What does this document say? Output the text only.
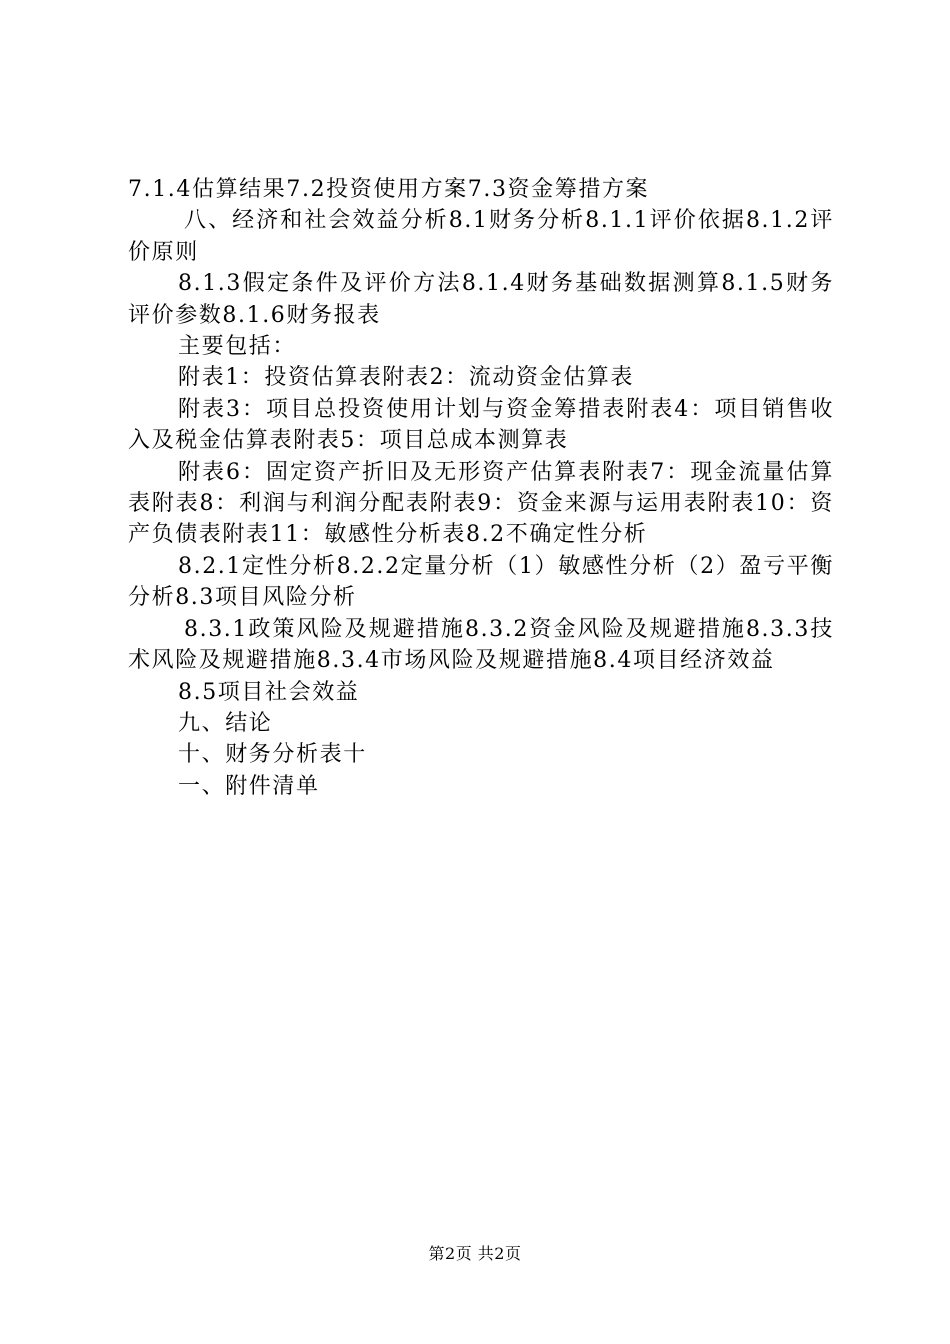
7.1.4估算结果7.2投资使用方案7.3资金筹措方案

八、经济和社会效益分析8.1财务分析8.1.1评价依据8.1.2评价原则

8.1.3假定条件及评价方法8.1.4财务基础数据测算8.1.5财务评价参数8.1.6财务报表

主要包括：

附表1：投资估算表附表2：流动资金估算表

附表3：项目总投资使用计划与资金筹措表附表4：项目销售收入及税金估算表附表5：项目总成本测算表

附表6：固定资产折旧及无形资产估算表附表7：现金流量估算表附表8：利润与利润分配表附表9：资金来源与运用表附表10：资产负债表附表11：敏感性分析表8.2不确定性分析

8.2.1定性分析8.2.2定量分析（1）敏感性分析（2）盈亏平衡分析8.3项目风险分析

8.3.1政策风险及规避措施8.3.2资金风险及规避措施8.3.3技术风险及规避措施8.3.4市场风险及规避措施8.4项目经济效益

8.5项目社会效益

九、结论

十、财务分析表十

一、附件清单

第2页 共2页
